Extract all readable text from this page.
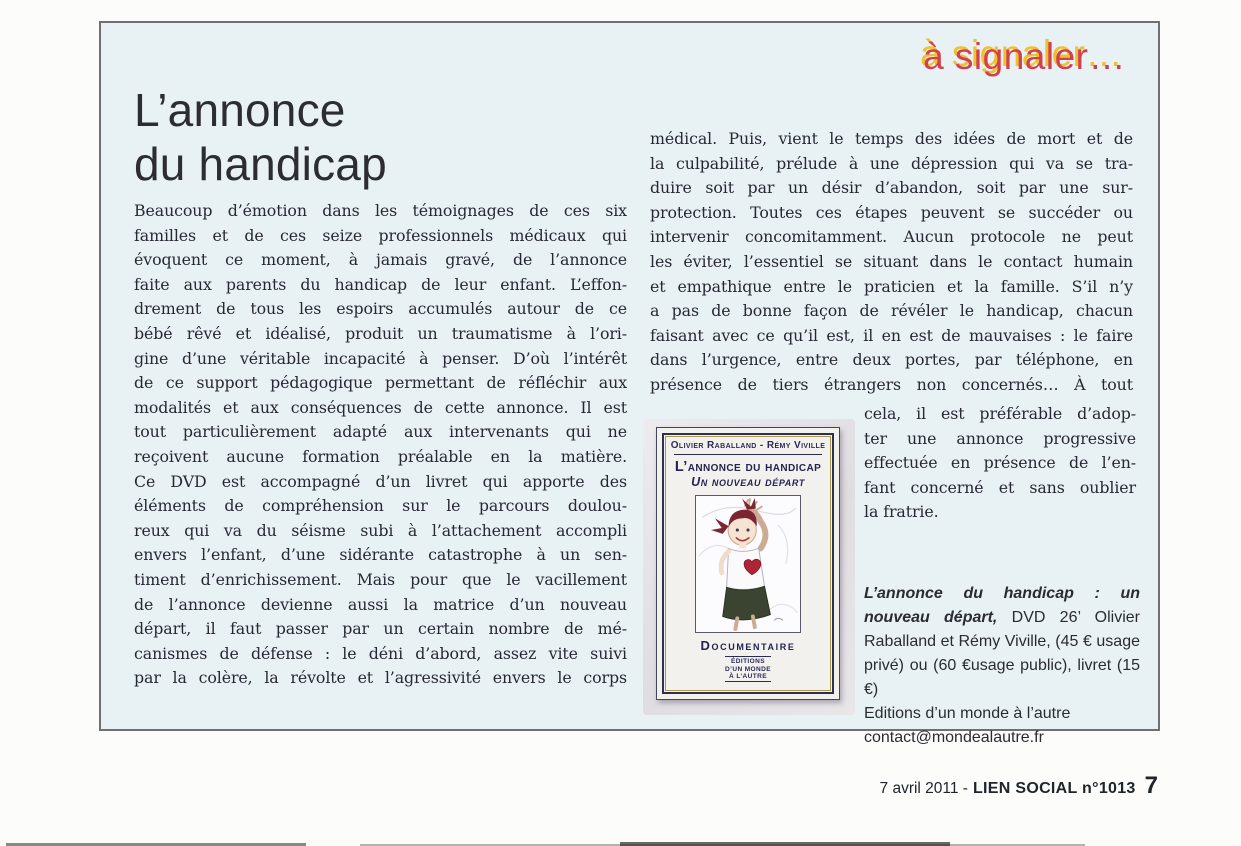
à signaler…
L’annonce
du handicap
Beaucoup d’émotion dans les témoignages de ces six
familles et de ces seize professionnels médicaux qui
évoquent ce moment, à jamais gravé, de l’annonce
faite aux parents du handicap de leur enfant. L’effon-
drement de tous les espoirs accumulés autour de ce
bébé rêvé et idéalisé, produit un traumatisme à l’ori-
gine d’une véritable incapacité à penser. D’où l’intérêt
de ce support pédagogique permettant de réfléchir aux
modalités et aux conséquences de cette annonce. Il est
tout particulièrement adapté aux intervenants qui ne
reçoivent aucune formation préalable en la matière.
Ce DVD est accompagné d’un livret qui apporte des
éléments de compréhension sur le parcours doulou-
reux qui va du séisme subi à l’attachement accompli
envers l’enfant, d’une sidérante catastrophe à un sen-
timent d’enrichissement. Mais pour que le vacillement
de l’annonce devienne aussi la matrice d’un nouveau
départ, il faut passer par un certain nombre de mé-
canismes de défense : le déni d’abord, assez vite suivi
par la colère, la révolte et l’agressivité envers le corps
médical. Puis, vient le temps des idées de mort et de
la culpabilité, prélude à une dépression qui va se tra-
duire soit par un désir d’abandon, soit par une sur-
protection. Toutes ces étapes peuvent se succéder ou
intervenir concomitamment. Aucun protocole ne peut
les éviter, l’essentiel se situant dans le contact humain
et empathique entre le praticien et la famille. S’il n’y
a pas de bonne façon de révéler le handicap, chacun
faisant avec ce qu’il est, il en est de mauvaises : le faire
dans l’urgence, entre deux portes, par téléphone, en
présence de tiers étrangers non concernés… À tout
cela, il est préférable d’adop-
ter une annonce progressive
effectuée en présence de l’en-
fant concerné et sans oublier
la fratrie.
Olivier Raballand - Rémy Viville
L’annonce du handicap
Un nouveau départ
Documentaire
ÉDITIONS
D’UN MONDE
À L’AUTRE

L’annonce du handicap : un nouveau départ, DVD 26’ Olivier Raballand et Rémy Viville, (45 € usage privé) ou (60 €usage public), livret (15 €)

Editions d’un monde à l’autre
contact@mondealautre.fr
7 avril 2011 - LIEN SOCIAL n°1013 7
